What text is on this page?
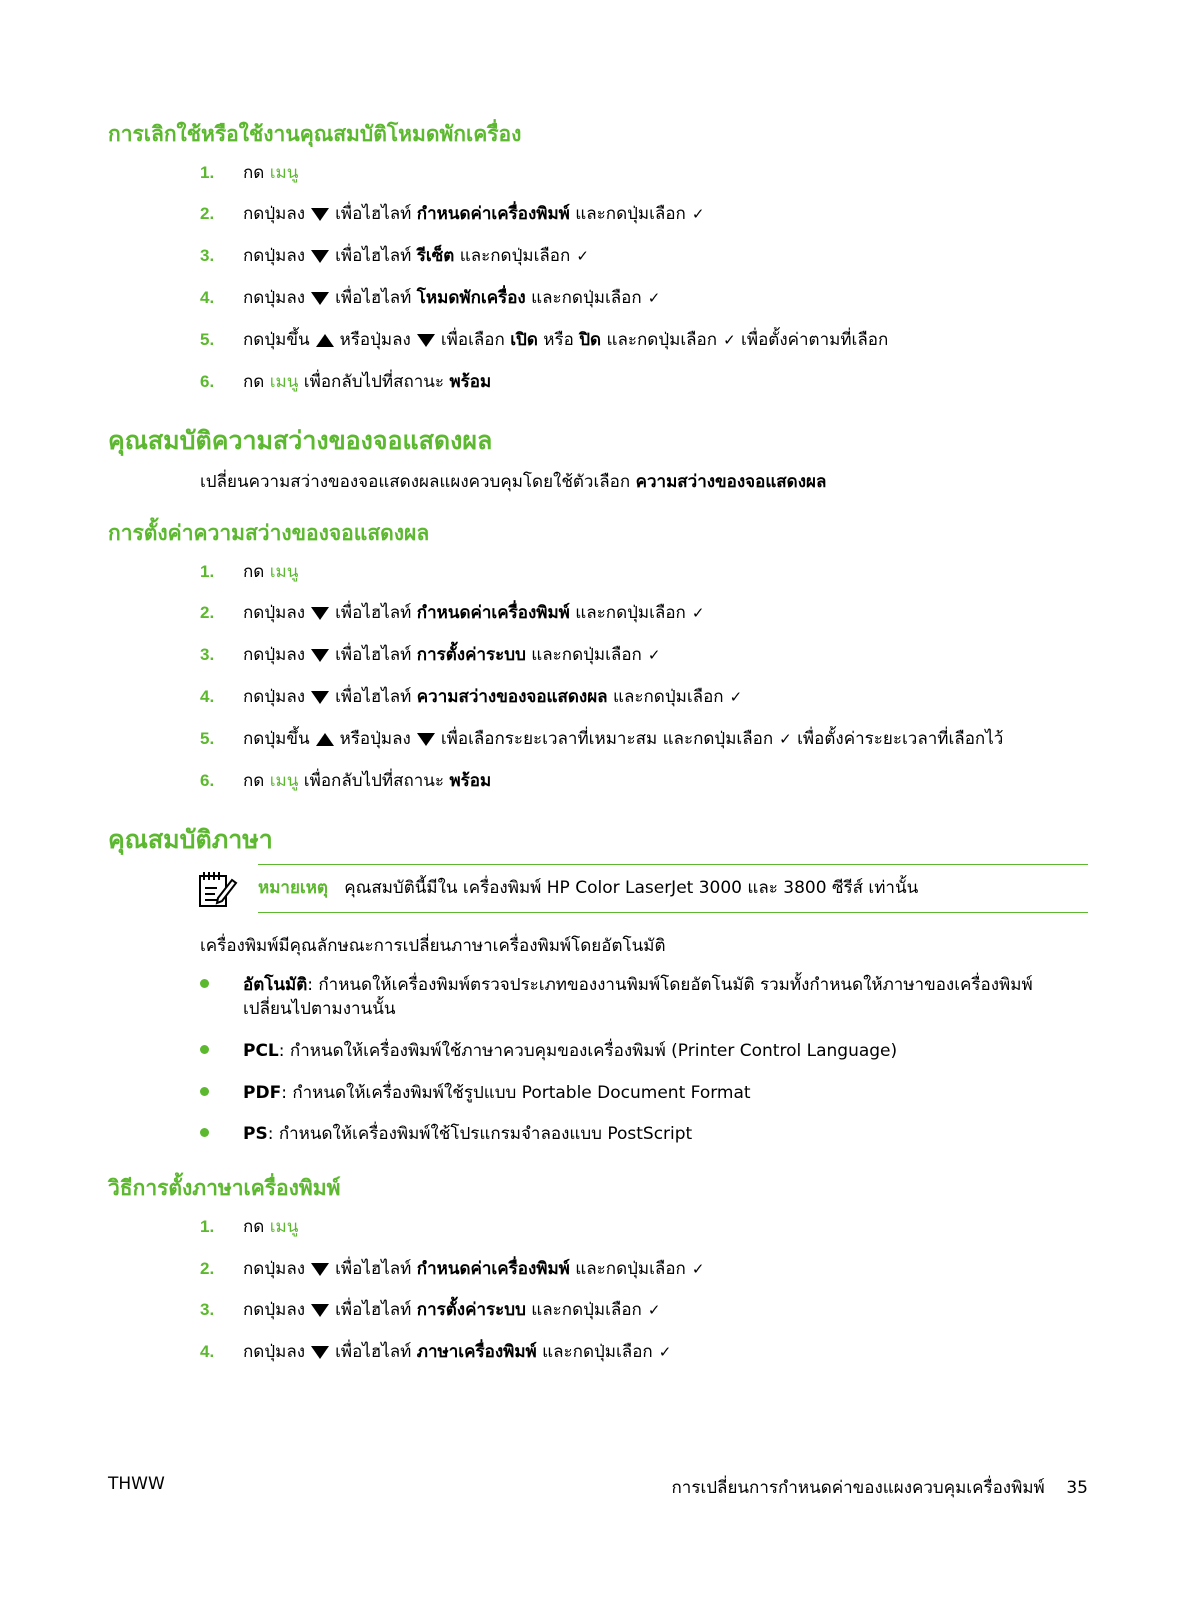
การเลิกใช้หรือใช้งานคุณสมบัติโหมดพักเครื่อง
1. กด เมนู
2. กดปุ่มลง เพื่อไฮไลท์ กำหนดค่าเครื่องพิมพ์ และกดปุ่มเลือก ✓
3. กดปุ่มลง เพื่อไฮไลท์ รีเซ็ต และกดปุ่มเลือก ✓
4. กดปุ่มลง เพื่อไฮไลท์ โหมดพักเครื่อง และกดปุ่มเลือก ✓
5. กดปุ่มขึ้น หรือปุ่มลง เพื่อเลือก เปิด หรือ ปิด และกดปุ่มเลือก ✓ เพื่อตั้งค่าตามที่เลือก
6. กด เมนู เพื่อกลับไปที่สถานะ พร้อม
คุณสมบัติความสว่างของจอแสดงผล
เปลี่ยนความสว่างของจอแสดงผลแผงควบคุมโดยใช้ตัวเลือก ความสว่างของจอแสดงผล
การตั้งค่าความสว่างของจอแสดงผล
1. กด เมนู
2. กดปุ่มลง เพื่อไฮไลท์ กำหนดค่าเครื่องพิมพ์ และกดปุ่มเลือก ✓
3. กดปุ่มลง เพื่อไฮไลท์ การตั้งค่าระบบ และกดปุ่มเลือก ✓
4. กดปุ่มลง เพื่อไฮไลท์ ความสว่างของจอแสดงผล และกดปุ่มเลือก ✓
5. กดปุ่มขึ้น หรือปุ่มลง เพื่อเลือกระยะเวลาที่เหมาะสม และกดปุ่มเลือก ✓ เพื่อตั้งค่าระยะเวลาที่เลือกไว้
6. กด เมนู เพื่อกลับไปที่สถานะ พร้อม
คุณสมบัติภาษา
หมายเหตุ คุณสมบัตินี้มีใน เครื่องพิมพ์ HP Color LaserJet 3000 และ 3800 ซีรีส์ เท่านั้น
เครื่องพิมพ์มีคุณลักษณะการเปลี่ยนภาษาเครื่องพิมพ์โดยอัตโนมัติ
อัตโนมัติ: กำหนดให้เครื่องพิมพ์ตรวจประเภทของงานพิมพ์โดยอัตโนมัติ รวมทั้งกำหนดให้ภาษาของเครื่องพิมพ์เปลี่ยนไปตามงานนั้น
PCL: กำหนดให้เครื่องพิมพ์ใช้ภาษาควบคุมของเครื่องพิมพ์ (Printer Control Language)
PDF: กำหนดให้เครื่องพิมพ์ใช้รูปแบบ Portable Document Format
PS: กำหนดให้เครื่องพิมพ์ใช้โปรแกรมจำลองแบบ PostScript
วิธีการตั้งภาษาเครื่องพิมพ์
1. กด เมนู
2. กดปุ่มลง เพื่อไฮไลท์ กำหนดค่าเครื่องพิมพ์ และกดปุ่มเลือก ✓
3. กดปุ่มลง เพื่อไฮไลท์ การตั้งค่าระบบ และกดปุ่มเลือก ✓
4. กดปุ่มลง เพื่อไฮไลท์ ภาษาเครื่องพิมพ์ และกดปุ่มเลือก ✓
THWW	การเปลี่ยนการกำหนดค่าของแผงควบคุมเครื่องพิมพ์ 35
